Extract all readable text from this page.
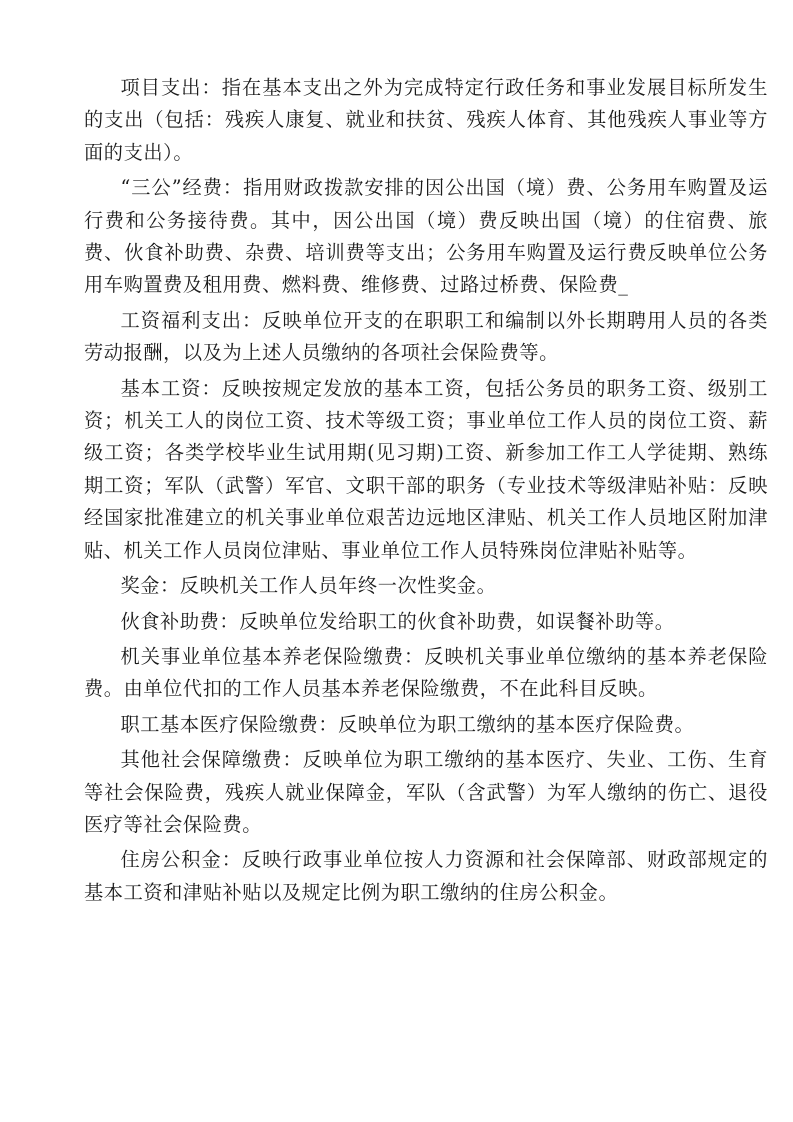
项目支出：指在基本支出之外为完成特定行政任务和事业发展目标所发生的支出（包括：残疾人康复、就业和扶贫、残疾人体育、其他残疾人事业等方面的支出）。

“三公”经费：指用财政拨款安排的因公出国（境）费、公务用车购置及运行费和公务接待费。其中，因公出国（境）费反映出国（境）的住宿费、旅费、伙食补助费、杂费、培训费等支出；公务用车购置及运行费反映单位公务用车购置费及租用费、燃料费、维修费、过路过桥费、保险费_

工资福利支出：反映单位开支的在职职工和编制以外长期聘用人员的各类劳动报酬，以及为上述人员缴纳的各项社会保险费等。

基本工资：反映按规定发放的基本工资，包括公务员的职务工资、级别工资；机关工人的岗位工资、技术等级工资；事业单位工作人员的岗位工资、薪级工资；各类学校毕业生试用期(见习期)工资、新参加工作工人学徒期、熟练期工资；军队（武警）军官、文职干部的职务（专业技术等级津贴补贴：反映经国家批准建立的机关事业单位艰苦边远地区津贴、机关工作人员地区附加津贴、机关工作人员岗位津贴、事业单位工作人员特殊岗位津贴补贴等。

奖金：反映机关工作人员年终一次性奖金。

伙食补助费：反映单位发给职工的伙食补助费，如误餐补助等。

机关事业单位基本养老保险缴费：反映机关事业单位缴纳的基本养老保险费。由单位代扣的工作人员基本养老保险缴费，不在此科目反映。

职工基本医疗保险缴费：反映单位为职工缴纳的基本医疗保险费。

其他社会保障缴费：反映单位为职工缴纳的基本医疗、失业、工伤、生育等社会保险费，残疾人就业保障金，军队（含武警）为军人缴纳的伤亡、退役医疗等社会保险费。

住房公积金：反映行政事业单位按人力资源和社会保障部、财政部规定的基本工资和津贴补贴以及规定比例为职工缴纳的住房公积金。
